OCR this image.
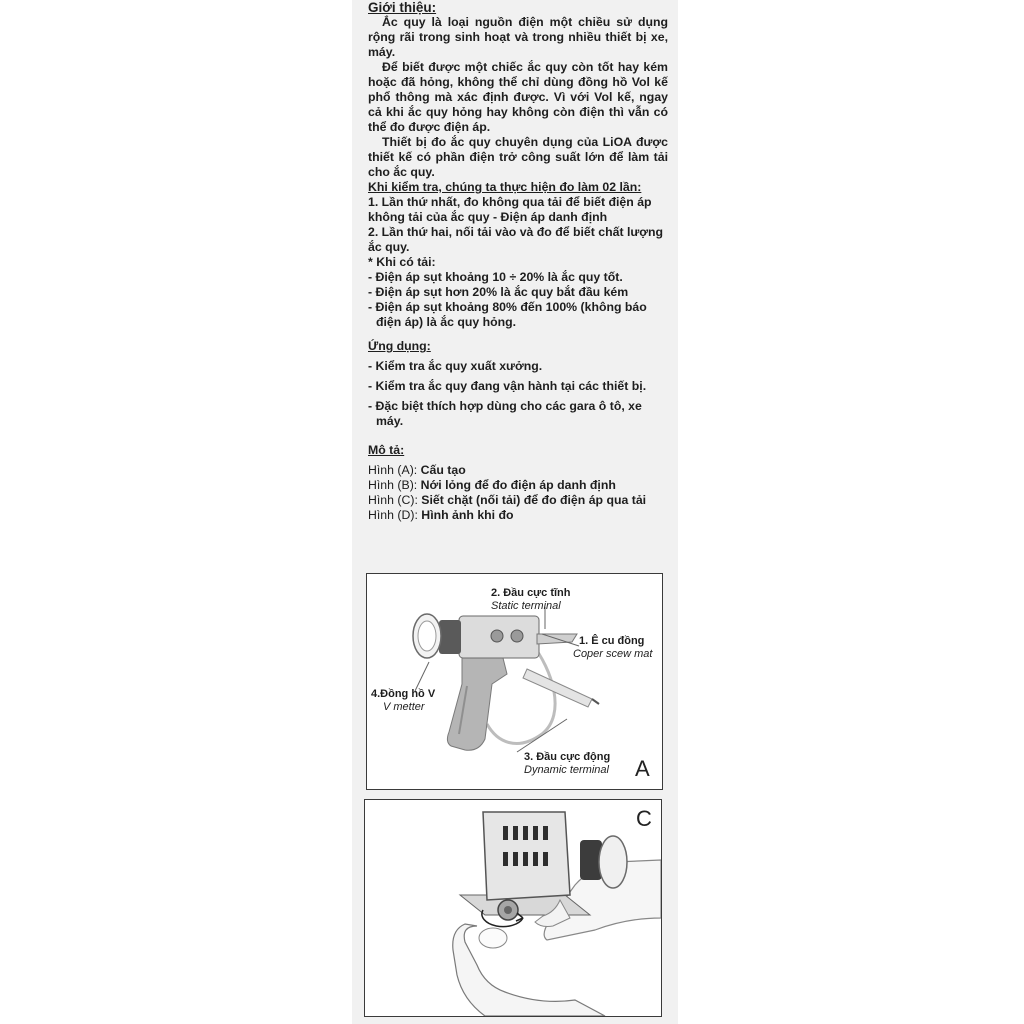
Giới thiệu:

Ắc quy là loại nguồn điện một chiều sử dụng rộng rãi trong sinh hoạt và trong nhiều thiết bị xe, máy.

Để biết được một chiếc ắc quy còn tốt hay kém hoặc đã hỏng, không thể chỉ dùng đồng hồ Vol kế phổ thông mà xác định được. Vì với Vol kế, ngay cả khi ắc quy hỏng hay không còn điện thì vẫn có thể đo được điện áp.

Thiết bị đo ắc quy chuyên dụng của LiOA được thiết kế có phần điện trở công suất lớn để làm tải cho ắc quy.

Khi kiểm tra, chúng ta thực hiện đo làm 02 lần:

1. Lần thứ nhất, đo không qua tải để biết điện áp không tải của ắc quy - Điện áp danh định

2. Lần thứ hai, nối tải vào và đo để biết chất lượng ắc quy.

* Khi có tải:

- Điện áp sụt khoảng 10 ÷ 20% là ắc quy tốt.

- Điện áp sụt hơn 20% là ắc quy bắt đầu kém

- Điện áp sụt khoảng 80% đến 100% (không báo điện áp) là ắc quy hỏng.

Ứng dụng:

- Kiểm tra ắc quy xuất xưởng.

- Kiểm tra ắc quy đang vận hành tại các thiết bị.

- Đặc biệt thích hợp dùng cho các gara ô tô, xe máy.

Mô tả:

Hình (A): Cấu tạo

Hình (B): Nới lỏng để đo điện áp danh định

Hình (C): Siết chặt (nối tải) để đo điện áp qua tải

Hình (D): Hình ảnh khi đo

2. Đầu cực tĩnh
Static terminal
1. Ê cu đồng
Coper scew mat
4.Đồng hồ V
V metter
3. Đầu cực động
Dynamic terminal A
C
